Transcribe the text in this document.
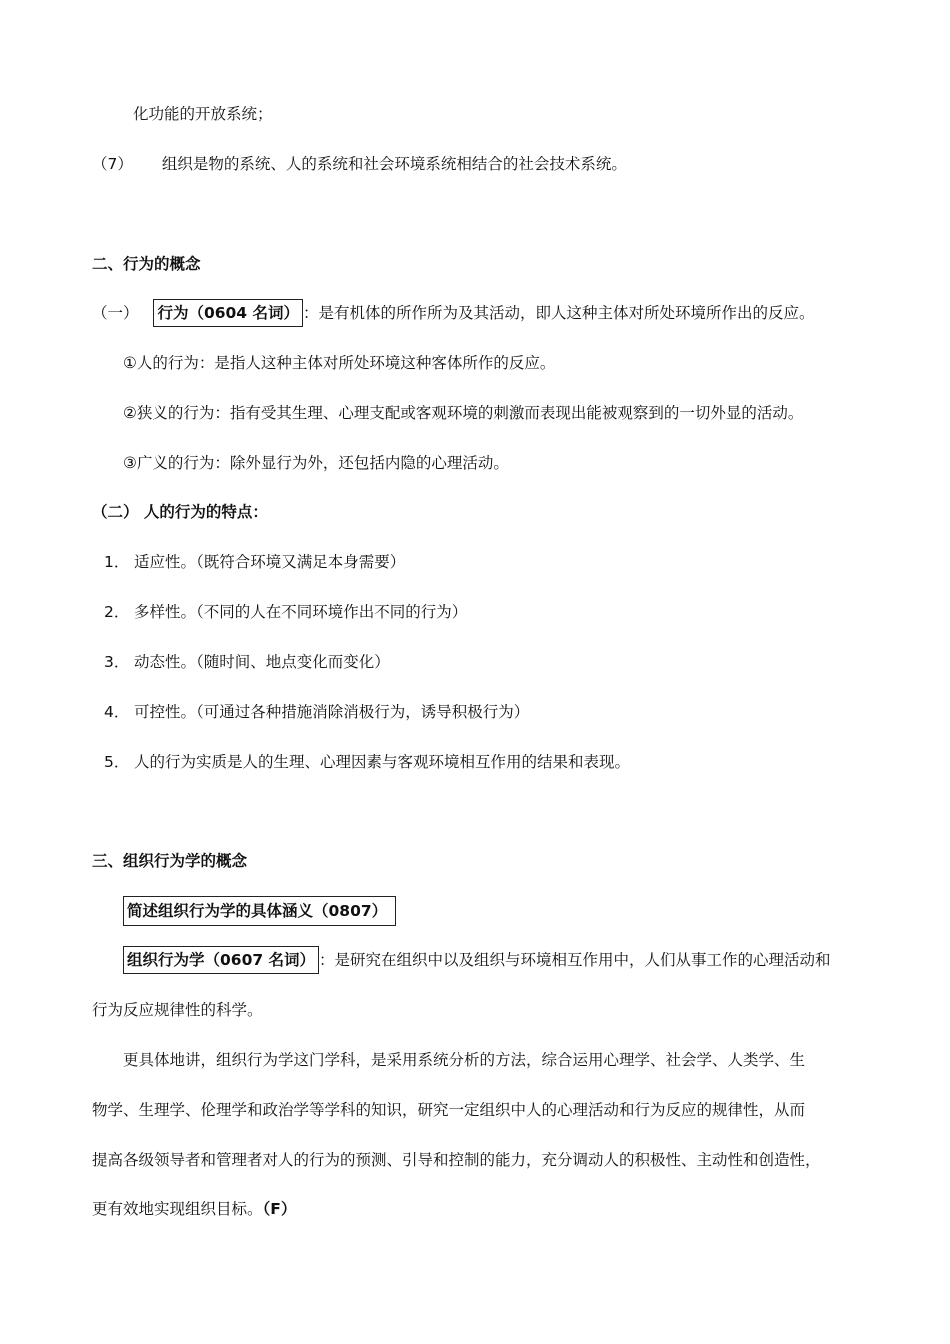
化功能的开放系统；
（7） 组织是物的系统、人的系统和社会环境系统相结合的社会技术系统。
二、行为的概念
（一） 行为（0604 名词） ：是有机体的所作所为及其活动，即人这种主体对所处环境所作出的反应。
①人的行为：是指人这种主体对所处环境这种客体所作的反应。
②狭义的行为：指有受其生理、心理支配或客观环境的刺激而表现出能被观察到的一切外显的活动。
③广义的行为：除外显行为外，还包括内隐的心理活动。
（二） 人的行为的特点：
1． 适应性。（既符合环境又满足本身需要）
2． 多样性。（不同的人在不同环境作出不同的行为）
3． 动态性。（随时间、地点变化而变化）
4． 可控性。（可通过各种措施消除消极行为，诱导积极行为）
5． 人的行为实质是人的生理、心理因素与客观环境相互作用的结果和表现。
三、组织行为学的概念
简述组织行为学的具体涵义（0807）
组织行为学（0607 名词） ：是研究在组织中以及组织与环境相互作用中，人们从事工作的心理活动和
行为反应规律性的科学。
更具体地讲，组织行为学这门学科，是采用系统分析的方法，综合运用心理学、社会学、人类学、生
物学、生理学、伦理学和政治学等学科的知识，研究一定组织中人的心理活动和行为反应的规律性，从而
提高各级领导者和管理者对人的行为的预测、引导和控制的能力，充分调动人的积极性、主动性和创造性，
更有效地实现组织目标。（F）
